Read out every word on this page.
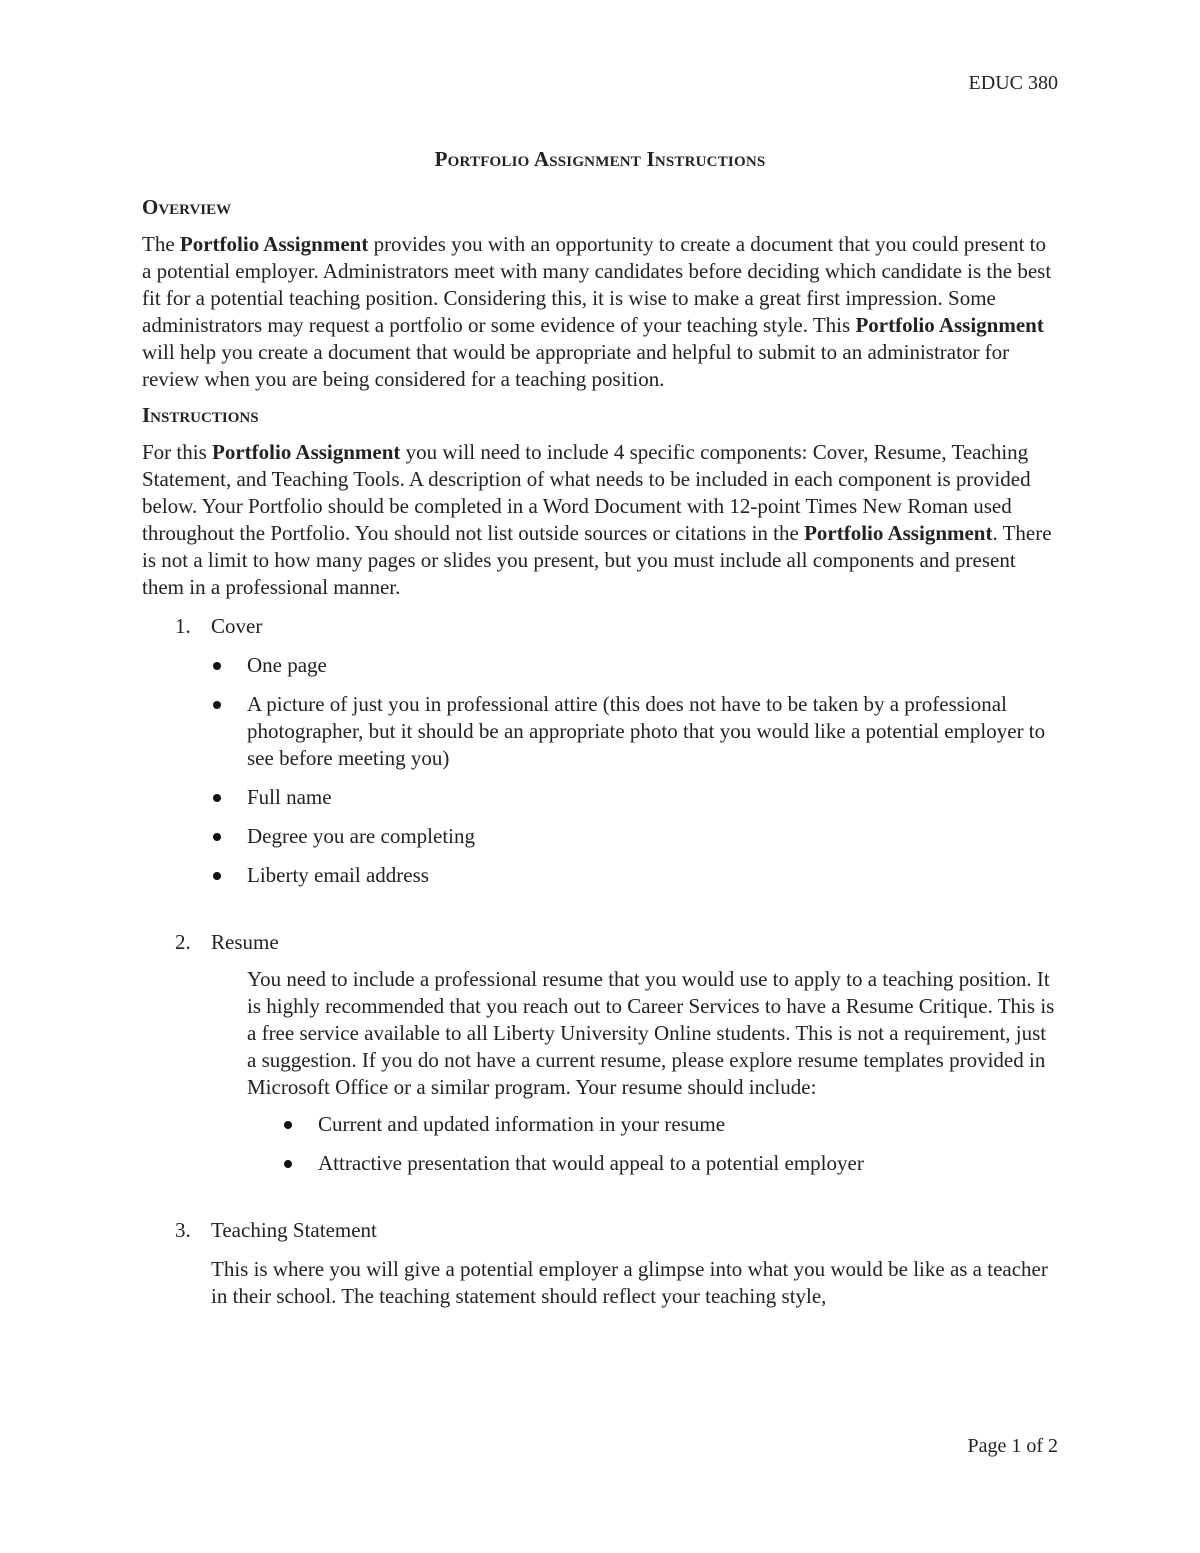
EDUC 380
Portfolio Assignment Instructions
Overview

The Portfolio Assignment provides you with an opportunity to create a document that you could present to a potential employer. Administrators meet with many candidates before deciding which candidate is the best fit for a potential teaching position. Considering this, it is wise to make a great first impression. Some administrators may request a portfolio or some evidence of your teaching style. This Portfolio Assignment will help you create a document that would be appropriate and helpful to submit to an administrator for review when you are being considered for a teaching position.

Instructions

For this Portfolio Assignment you will need to include 4 specific components: Cover, Resume, Teaching Statement, and Teaching Tools. A description of what needs to be included in each component is provided below. Your Portfolio should be completed in a Word Document with 12-point Times New Roman used throughout the Portfolio. You should not list outside sources or citations in the Portfolio Assignment. There is not a limit to how many pages or slides you present, but you must include all components and present them in a professional manner.

1. Cover
One page
A picture of just you in professional attire (this does not have to be taken by a professional photographer, but it should be an appropriate photo that you would like a potential employer to see before meeting you)
Full name
Degree you are completing
Liberty email address
2. Resume
You need to include a professional resume that you would use to apply to a teaching position. It is highly recommended that you reach out to Career Services to have a Resume Critique. This is a free service available to all Liberty University Online students. This is not a requirement, just a suggestion. If you do not have a current resume, please explore resume templates provided in Microsoft Office or a similar program. Your resume should include:
Current and updated information in your resume
Attractive presentation that would appeal to a potential employer
3. Teaching Statement
This is where you will give a potential employer a glimpse into what you would be like as a teacher in their school. The teaching statement should reflect your teaching style,
Page 1 of 2
